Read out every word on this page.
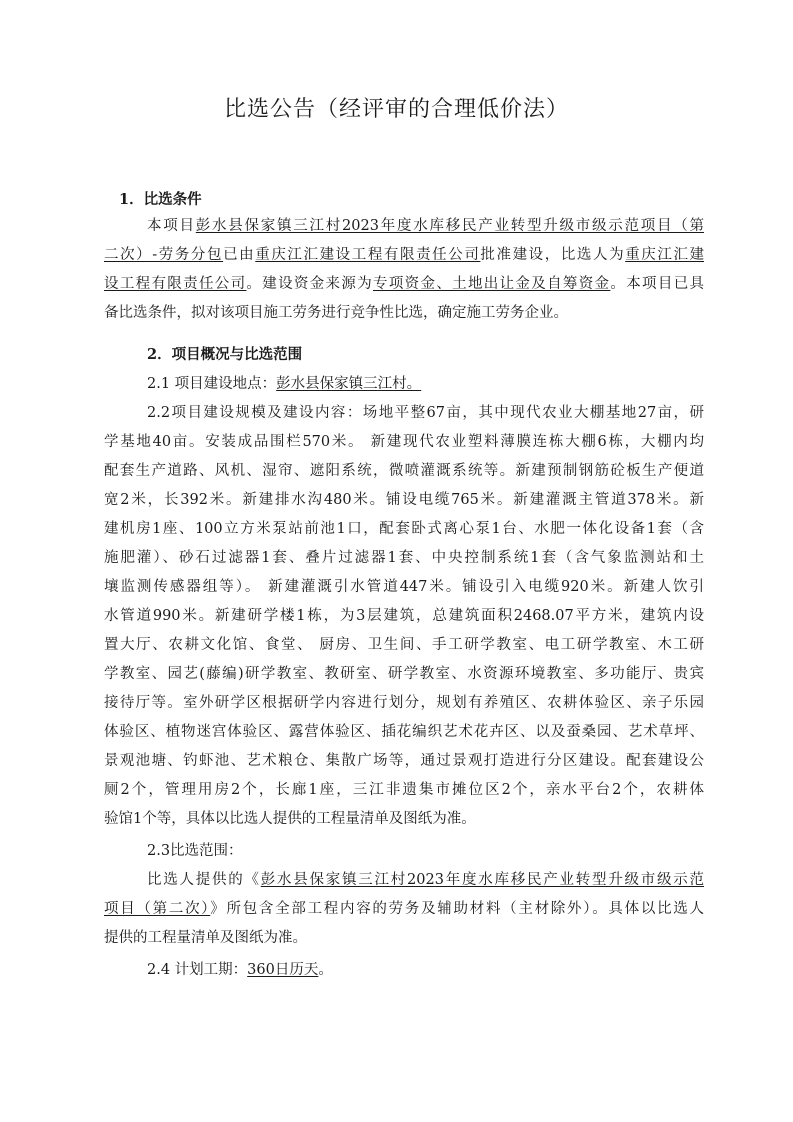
比选公告（经评审的合理低价法）
1．比选条件
本项目彭水县保家镇三江村2023年度水库移民产业转型升级市级示范项目（第
二次）-劳务分包已由重庆江汇建设工程有限责任公司批准建设，比选人为重庆江汇建
设工程有限责任公司。建设资金来源为专项资金、土地出让金及自筹资金。本项目已具
备比选条件，拟对该项目施工劳务进行竞争性比选，确定施工劳务企业。
2．项目概况与比选范围
2.1 项目建设地点：彭水县保家镇三江村。
2.2项目建设规模及建设内容：场地平整67亩，其中现代农业大棚基地27亩，研
学基地40亩。安装成品围栏570米。 新建现代农业塑料薄膜连栋大棚6栋，大棚内均
配套生产道路、风机、湿帘、遮阳系统，微喷灌溉系统等。新建预制钢筋砼板生产便道
宽2米，长392米。新建排水沟480米。铺设电缆765米。新建灌溉主管道378米。新
建机房1座、100立方米泵站前池1口，配套卧式离心泵1台、水肥一体化设备1套（含
施肥灌）、砂石过滤器1套、叠片过滤器1套、中央控制系统1套（含气象监测站和土
壤监测传感器组等）。 新建灌溉引水管道447米。铺设引入电缆920米。新建人饮引
水管道990米。新建研学楼1栋，为3层建筑，总建筑面积2468.07平方米，建筑内设
置大厅、农耕文化馆、食堂、 厨房、卫生间、手工研学教室、电工研学教室、木工研
学教室、园艺(藤编)研学教室、教研室、研学教室、水资源环境教室、多功能厅、贵宾
接待厅等。室外研学区根据研学内容进行划分，规划有养殖区、农耕体验区、亲子乐园
体验区、植物迷宫体验区、露营体验区、插花编织艺术花卉区、以及蚕桑园、艺术草坪、
景观池塘、钓虾池、艺术粮仓、集散广场等，通过景观打造进行分区建设。配套建设公
厕2个，管理用房2个，长廊1座，三江非遗集市摊位区2个，亲水平台2个，农耕体
验馆1个等，具体以比选人提供的工程量清单及图纸为准。
2.3比选范围：
比选人提供的《彭水县保家镇三江村2023年度水库移民产业转型升级市级示范
项目（第二次）》所包含全部工程内容的劳务及辅助材料（主材除外）。具体以比选人
提供的工程量清单及图纸为准。
2.4 计划工期：360日历天。
